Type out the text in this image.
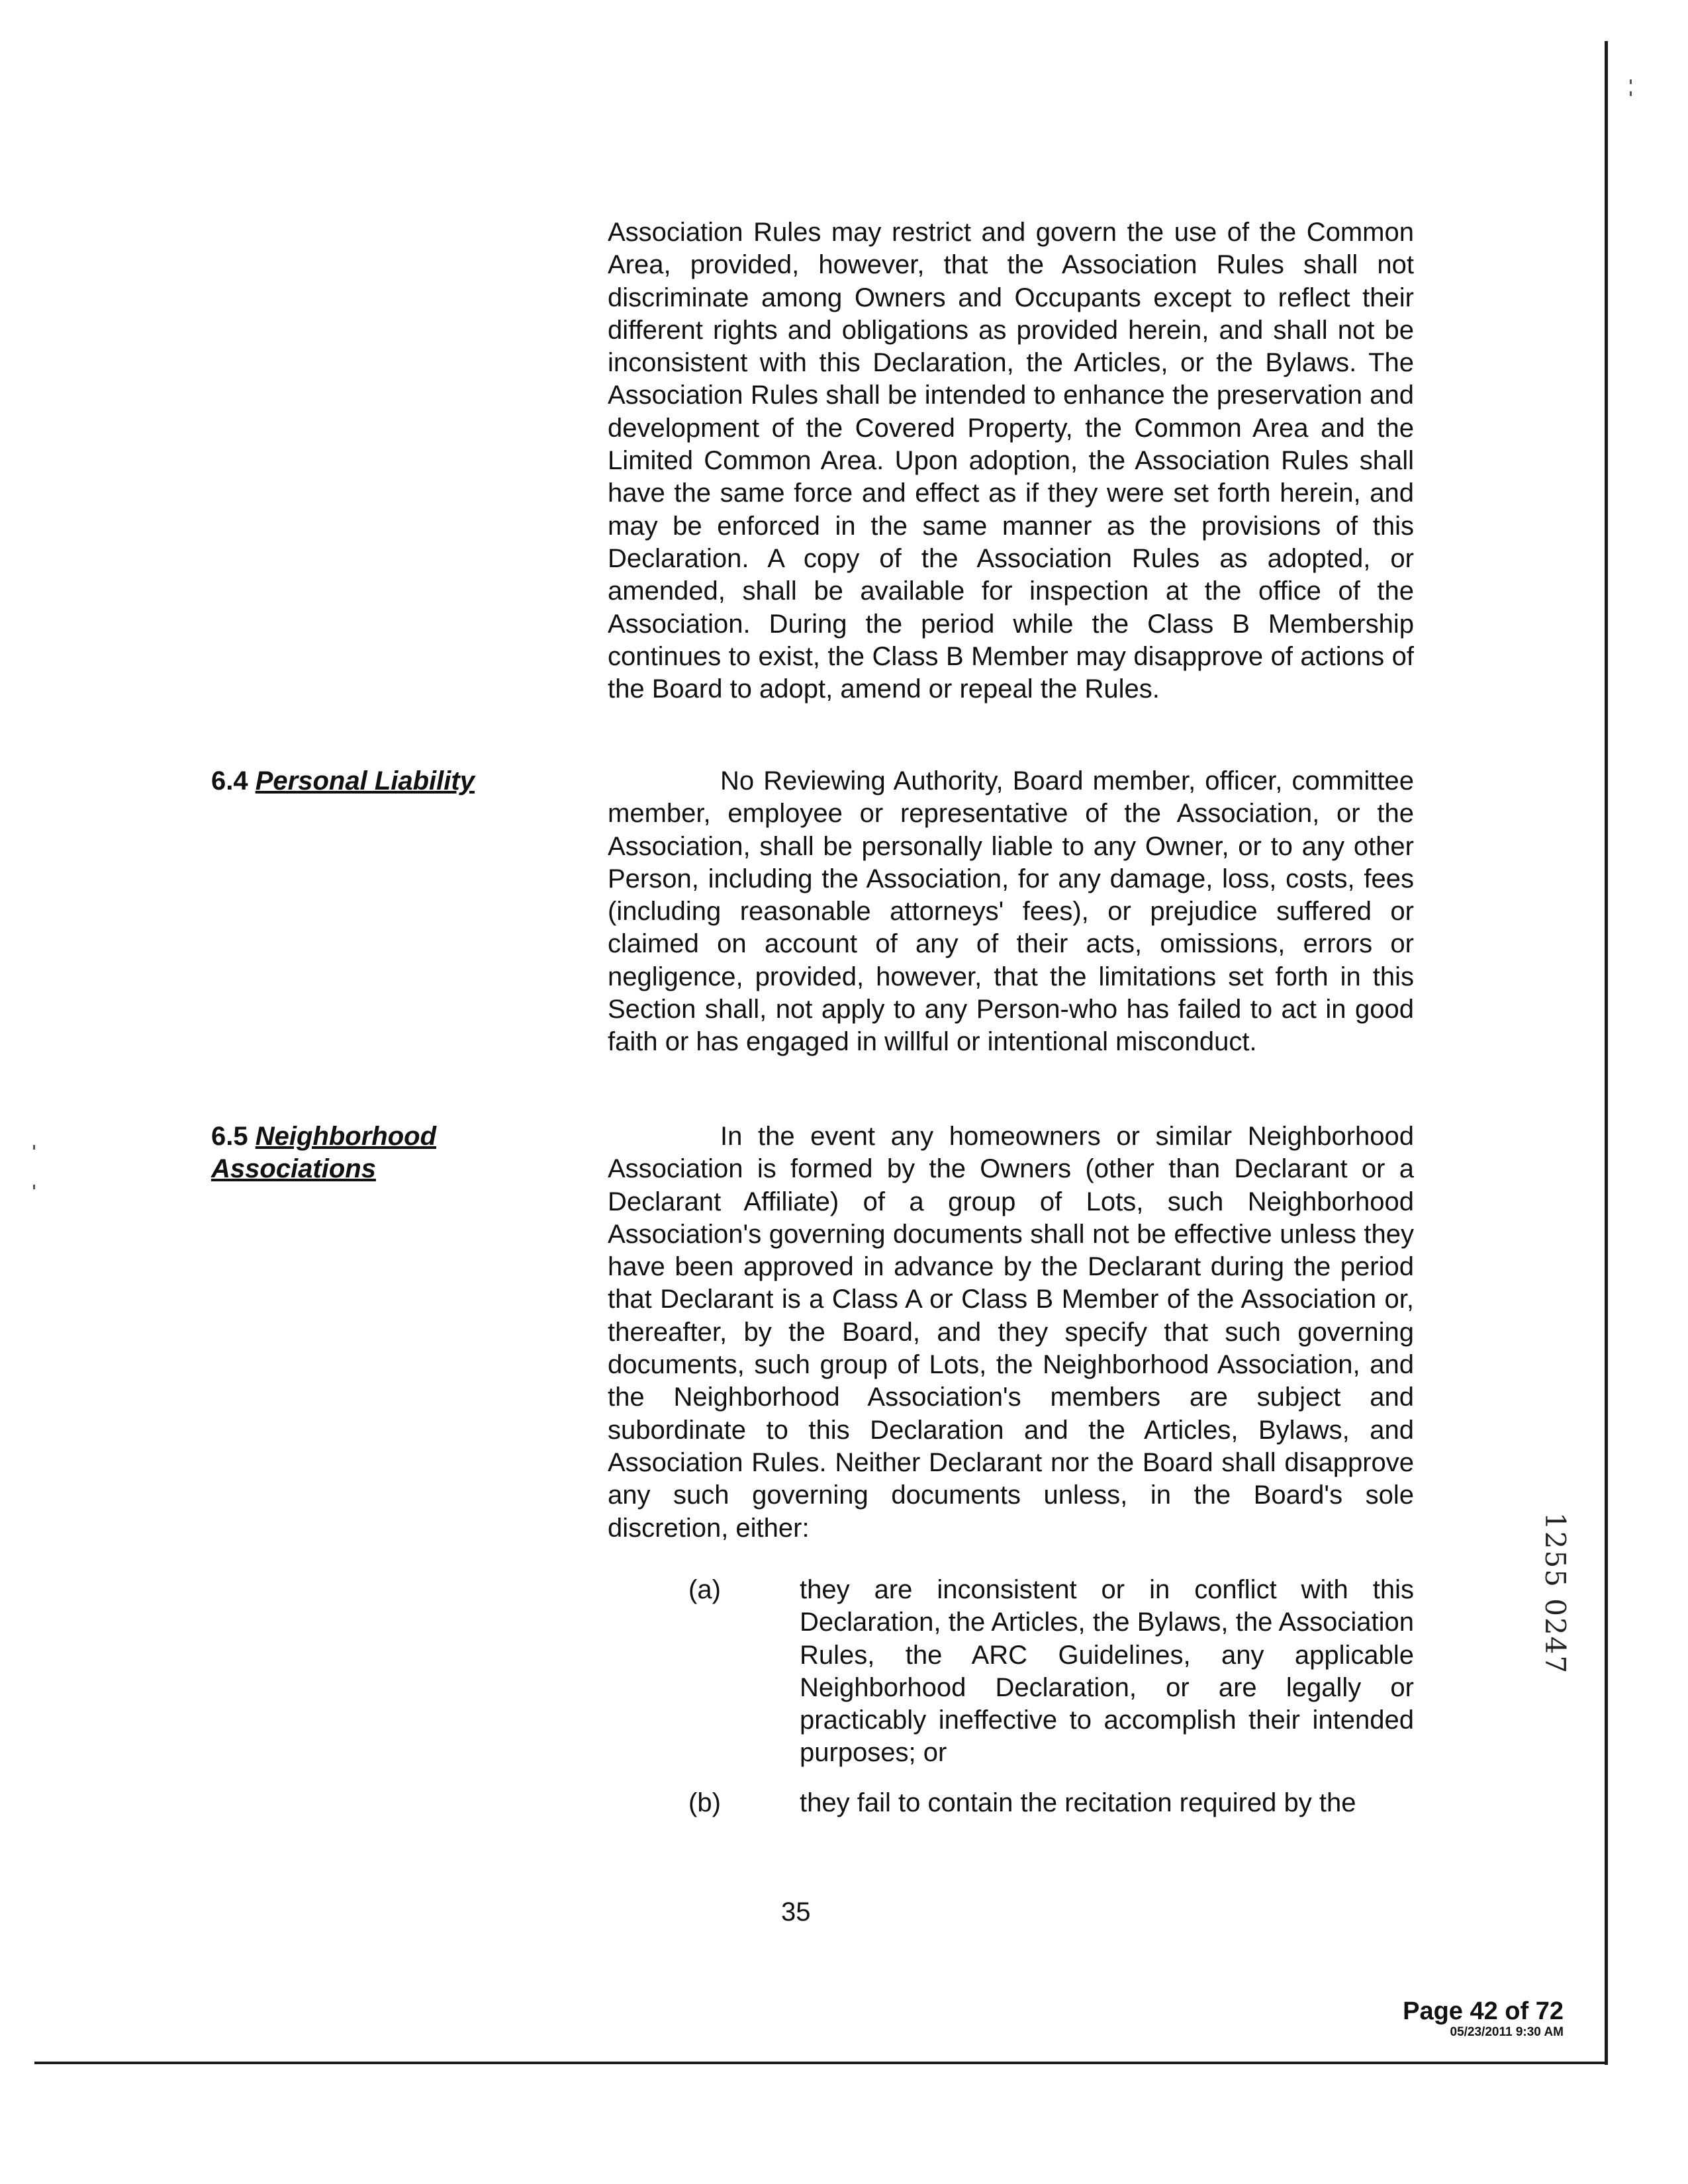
Association Rules may restrict and govern the use of the Common Area, provided, however, that the Association Rules shall not discriminate among Owners and Occupants except to reflect their different rights and obligations as provided herein, and shall not be inconsistent with this Declaration, the Articles, or the Bylaws. The Association Rules shall be intended to enhance the preservation and development of the Covered Property, the Common Area and the Limited Common Area. Upon adoption, the Association Rules shall have the same force and effect as if they were set forth herein, and may be enforced in the same manner as the provisions of this Declaration. A copy of the Association Rules as adopted, or amended, shall be available for inspection at the office of the Association. During the period while the Class B Membership continues to exist, the Class B Member may disapprove of actions of the Board to adopt, amend or repeal the Rules.

6.4 Personal Liability	No Reviewing Authority, Board member, officer, committee member, employee or representative of the Association, or the Association, shall be personally liable to any Owner, or to any other Person, including the Association, for any damage, loss, costs, fees (including reasonable attorneys' fees), or prejudice suffered or claimed on account of any of their acts, omissions, errors or negligence, provided, however, that the limitations set forth in this Section shall, not apply to any Person-who has failed to act in good faith or has engaged in willful or intentional misconduct.

6.5 Neighborhood Associations

In the event any homeowners or similar Neighborhood Association is formed by the Owners (other than Declarant or a Declarant Affiliate) of a group of Lots, such Neighborhood Association's governing documents shall not be effective unless they have been approved in advance by the Declarant during the period that Declarant is a Class A or Class B Member of the Association or, thereafter, by the Board, and they specify that such governing documents, such group of Lots, the Neighborhood Association, and the Neighborhood Association's members are subject and subordinate to this Declaration and the Articles, Bylaws, and Association Rules. Neither Declarant nor the Board shall disapprove any such governing documents unless, in the Board's sole discretion, either:

(a)	they are inconsistent or in conflict with this Declaration, the Articles, the Bylaws, the Association Rules, the ARC Guidelines, any applicable Neighborhood Declaration, or are legally or practicably ineffective to accomplish their intended purposes; or

(b)	they fail to contain the recitation required by the

35
1255 0247
Page 42 of 72
05/23/2011 9:30 AM
